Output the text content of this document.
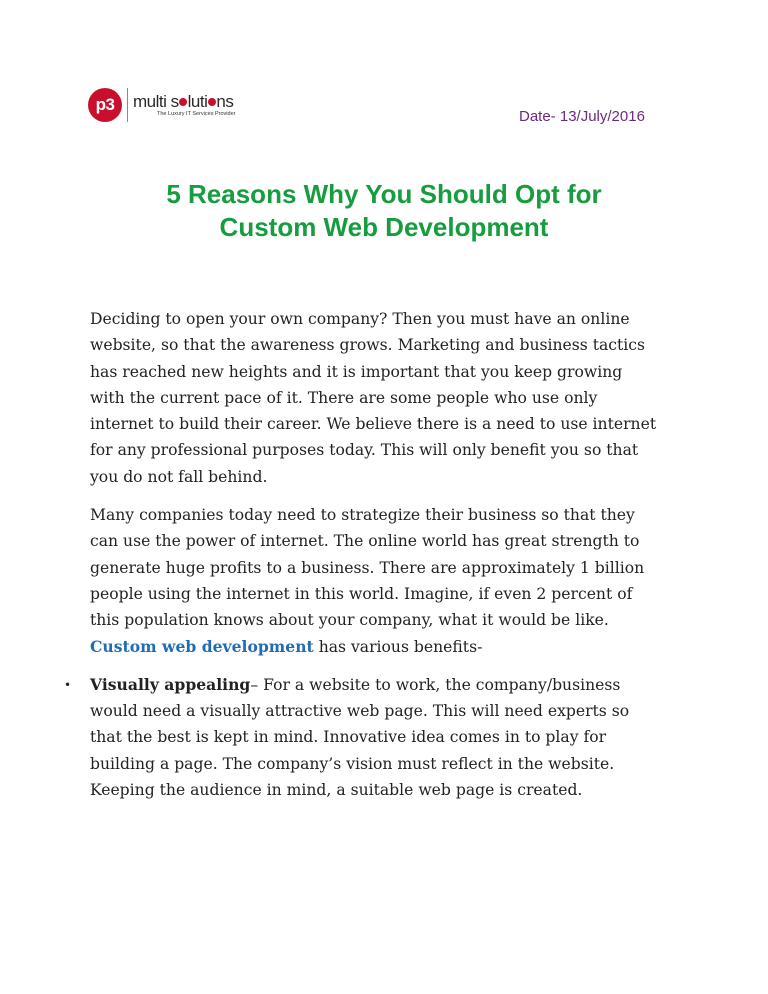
p3 multi s luti ns
The Luxury IT Services Provider	Date- 13/July/2016
5 Reasons Why You Should Opt for
Custom Web Development

Deciding to open your own company? Then you must have an online

website, so that the awareness grows. Marketing and business tactics

has reached new heights and it is important that you keep growing

with the current pace of it. There are some people who use only

internet to build their career. We believe there is a need to use internet

for any professional purposes today. This will only benefit you so that

you do not fall behind.

Many companies today need to strategize their business so that they

can use the power of internet. The online world has great strength to

generate huge profits to a business. There are approximately 1 billion

people using the internet in this world. Imagine, if even 2 percent of

this population knows about your company, what it would be like.

Custom web development has various benefits-

• Visually appealing– For a website to work, the company/business

would need a visually attractive web page. This will need experts so

that the best is kept in mind. Innovative idea comes in to play for

building a page. The company’s vision must reflect in the website.

Keeping the audience in mind, a suitable web page is created.
